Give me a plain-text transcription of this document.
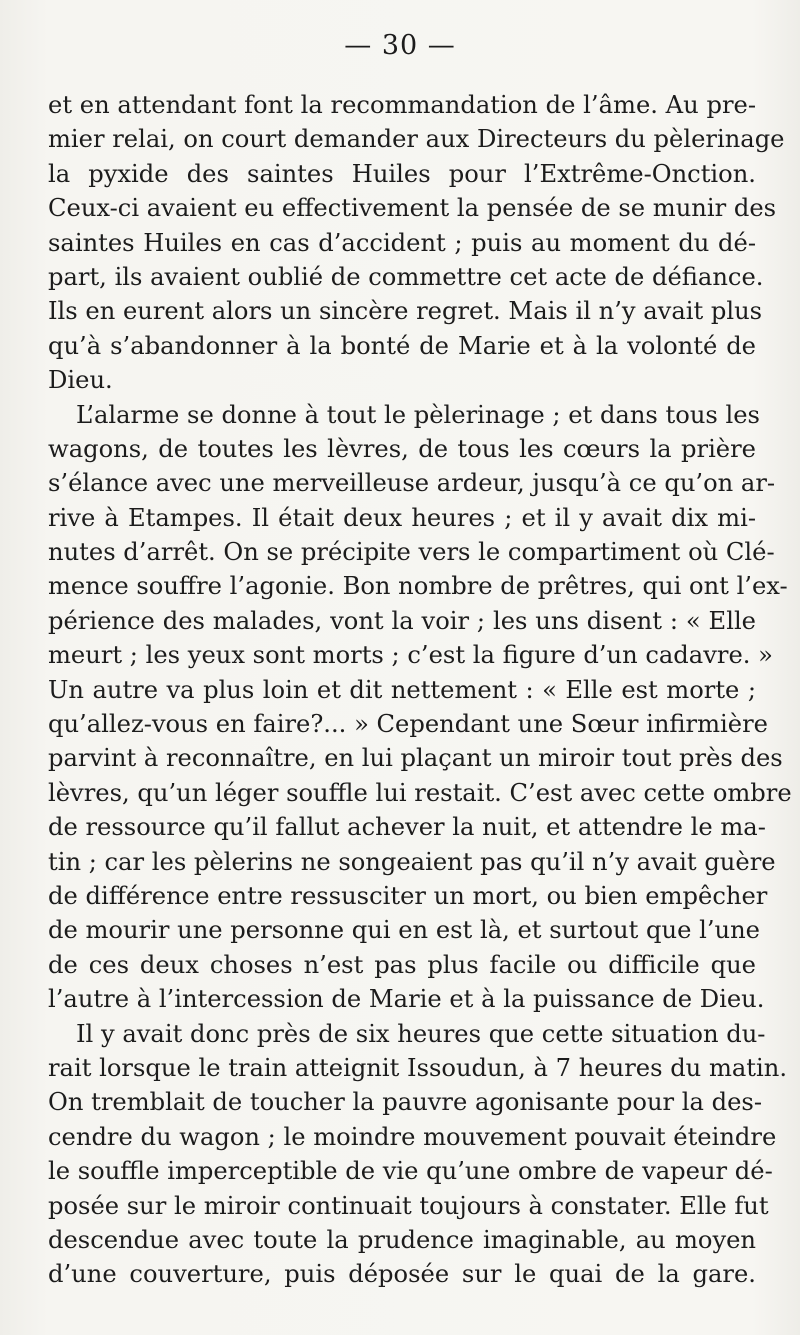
— 30 —
et en attendant font la recommandation de l’âme. Au pre-
mier relai, on court demander aux Directeurs du pèlerinage
la pyxide des saintes Huiles pour l’Extrême-Onction.
Ceux-ci avaient eu effectivement la pensée de se munir des
saintes Huiles en cas d’accident ; puis au moment du dé-
part, ils avaient oublié de commettre cet acte de défiance.
Ils en eurent alors un sincère regret. Mais il n’y avait plus
qu’à s’abandonner à la bonté de Marie et à la volonté de
Dieu.
L’alarme se donne à tout le pèlerinage ; et dans tous les
wagons, de toutes les lèvres, de tous les cœurs la prière
s’élance avec une merveilleuse ardeur, jusqu’à ce qu’on ar-
rive à Etampes. Il était deux heures ; et il y avait dix mi-
nutes d’arrêt. On se précipite vers le compartiment où Clé-
mence souffre l’agonie. Bon nombre de prêtres, qui ont l’ex-
périence des malades, vont la voir ; les uns disent : « Elle
meurt ; les yeux sont morts ; c’est la figure d’un cadavre. »
Un autre va plus loin et dit nettement : « Elle est morte ;
qu’allez-vous en faire?... » Cependant une Sœur infirmière
parvint à reconnaître, en lui plaçant un miroir tout près des
lèvres, qu’un léger souffle lui restait. C’est avec cette ombre
de ressource qu’il fallut achever la nuit, et attendre le ma-
tin ; car les pèlerins ne songeaient pas qu’il n’y avait guère
de différence entre ressusciter un mort, ou bien empêcher
de mourir une personne qui en est là, et surtout que l’une
de ces deux choses n’est pas plus facile ou difficile que
l’autre à l’intercession de Marie et à la puissance de Dieu.
Il y avait donc près de six heures que cette situation du-
rait lorsque le train atteignit Issoudun, à 7 heures du matin.
On tremblait de toucher la pauvre agonisante pour la des-
cendre du wagon ; le moindre mouvement pouvait éteindre
le souffle imperceptible de vie qu’une ombre de vapeur dé-
posée sur le miroir continuait toujours à constater. Elle fut
descendue avec toute la prudence imaginable, au moyen
d’une couverture, puis déposée sur le quai de la gare.
